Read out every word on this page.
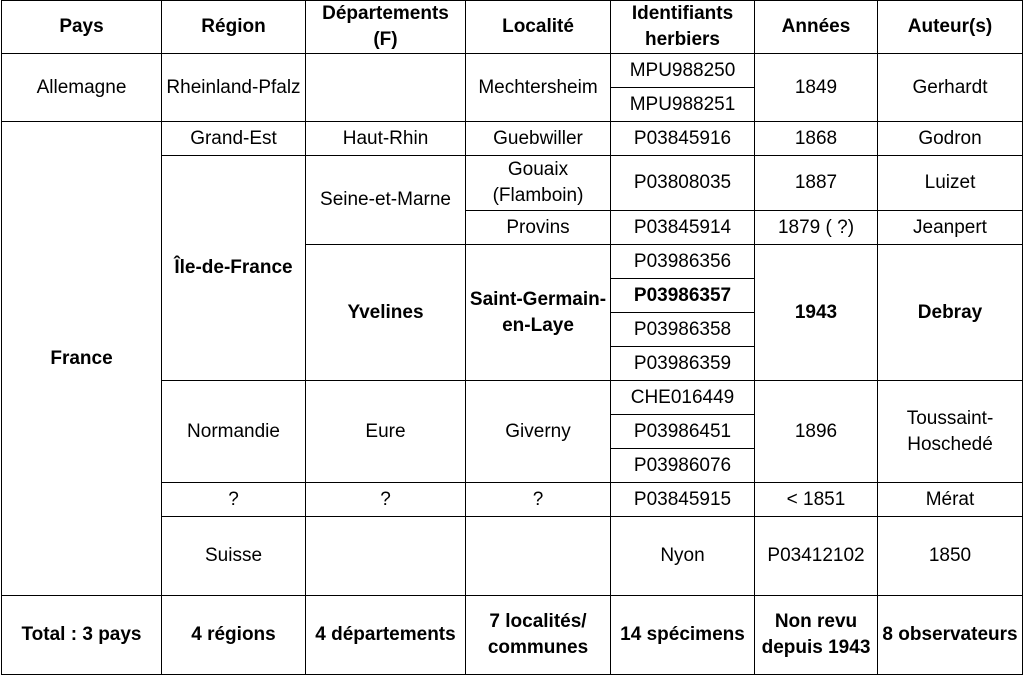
Pays	Région	Départements (F)	Localité	Identifiants herbiers	Années	Auteur(s)	
Allemagne	Rheinland-Pfalz		Mechtersheim	MPU988250	1849	Gerhardt	
				MPU988251			
France	Grand-Est	Haut-Rhin	Guebwiller	P03845916	1868	Godron	
	Île-de-France	Seine-et-Marne	Gouaix (Flamboin)	P03808035	1887	Luizet	
			Provins	P03845914	1879 ( ?)	Jeanpert	
		Yvelines	Saint-Germain-en-Laye	P03986356	1943	Debray	
				P03986357			
				P03986358			
				P03986359			
	Normandie	Eure	Giverny	CHE016449	1896	Toussaint-Hoschedé	
				P03986451			
				P03986076			
	?	?	?	P03845915	< 1851	Mérat	
	Suisse			Nyon	P03412102	1850	
Total : 3 pays	4 régions	4 départements	7 localités/ communes	14 spécimens	Non revu depuis 1943	8 observateurs	
